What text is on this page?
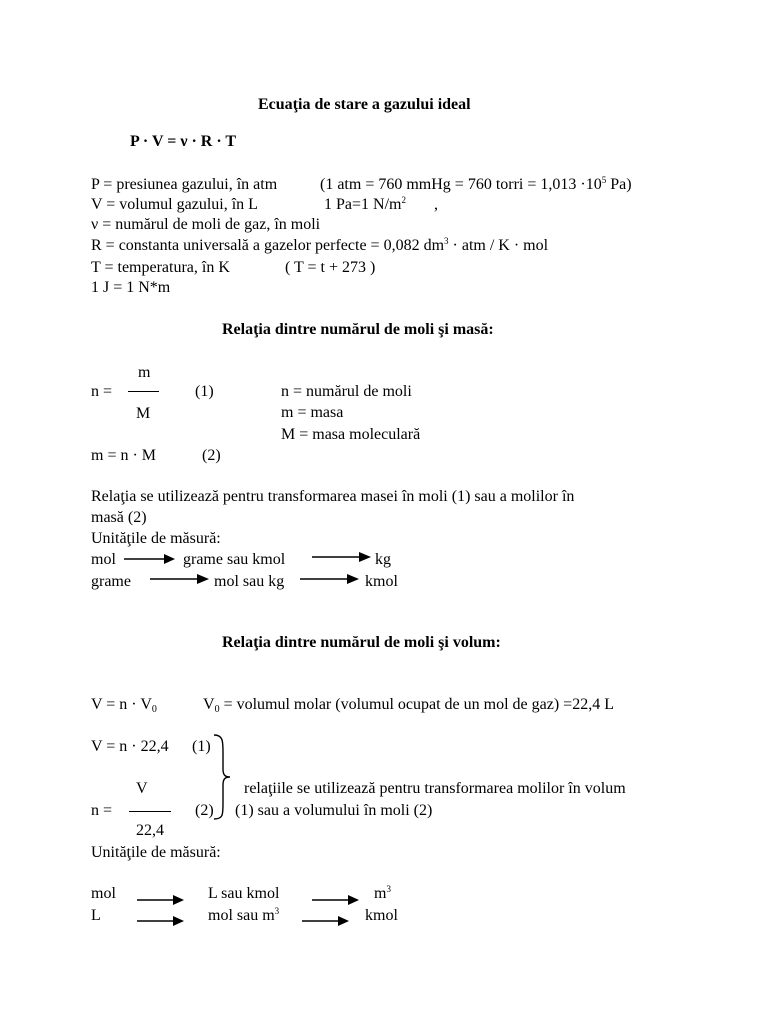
Ecuaţia de stare a gazului ideal
P · V = ν · R · T
P = presiunea gazului, în atm	(1 atm = 760 mmHg = 760 torri = $1,013 \cdot 10^5$ Pa)
V = volumul gazului, în L	1 Pa=1 $N/m^2$ ,
ν = numărul de moli de gaz, în moli
R = constanta universală a gazelor perfecte = 0,082 $dm^3$ · atm / K · mol
T = temperatura, în K	( T = t + 273 )
1 J = 1 N*m
Relaţia dintre numărul de moli şi masă:
m
n =
M
(1)	n = numărul de moli
m = masa
M = masa moleculară
m = n · M	(2)
Relaţia se utilizează pentru transformarea masei în moli (1) sau a molilor în
masă (2)
Unităţile de măsură:
mol	grame sau kmol	kg
grame	mol sau kg	kmol
Relaţia dintre numărul de moli şi volum:
$V = n \cdot V_0$	$V_0$ = volumul molar (volumul ocupat de un mol de gaz) =22,4 L
V = n · 22,4 (1)
V
n =
22,4
(2)
relaţiile se utilizează pentru transformarea molilor în volum
(1) sau a volumului în moli (2)
Unităţile de măsură:
mol	L sau kmol	$m^3$
L	mol sau $m^3$	kmol
